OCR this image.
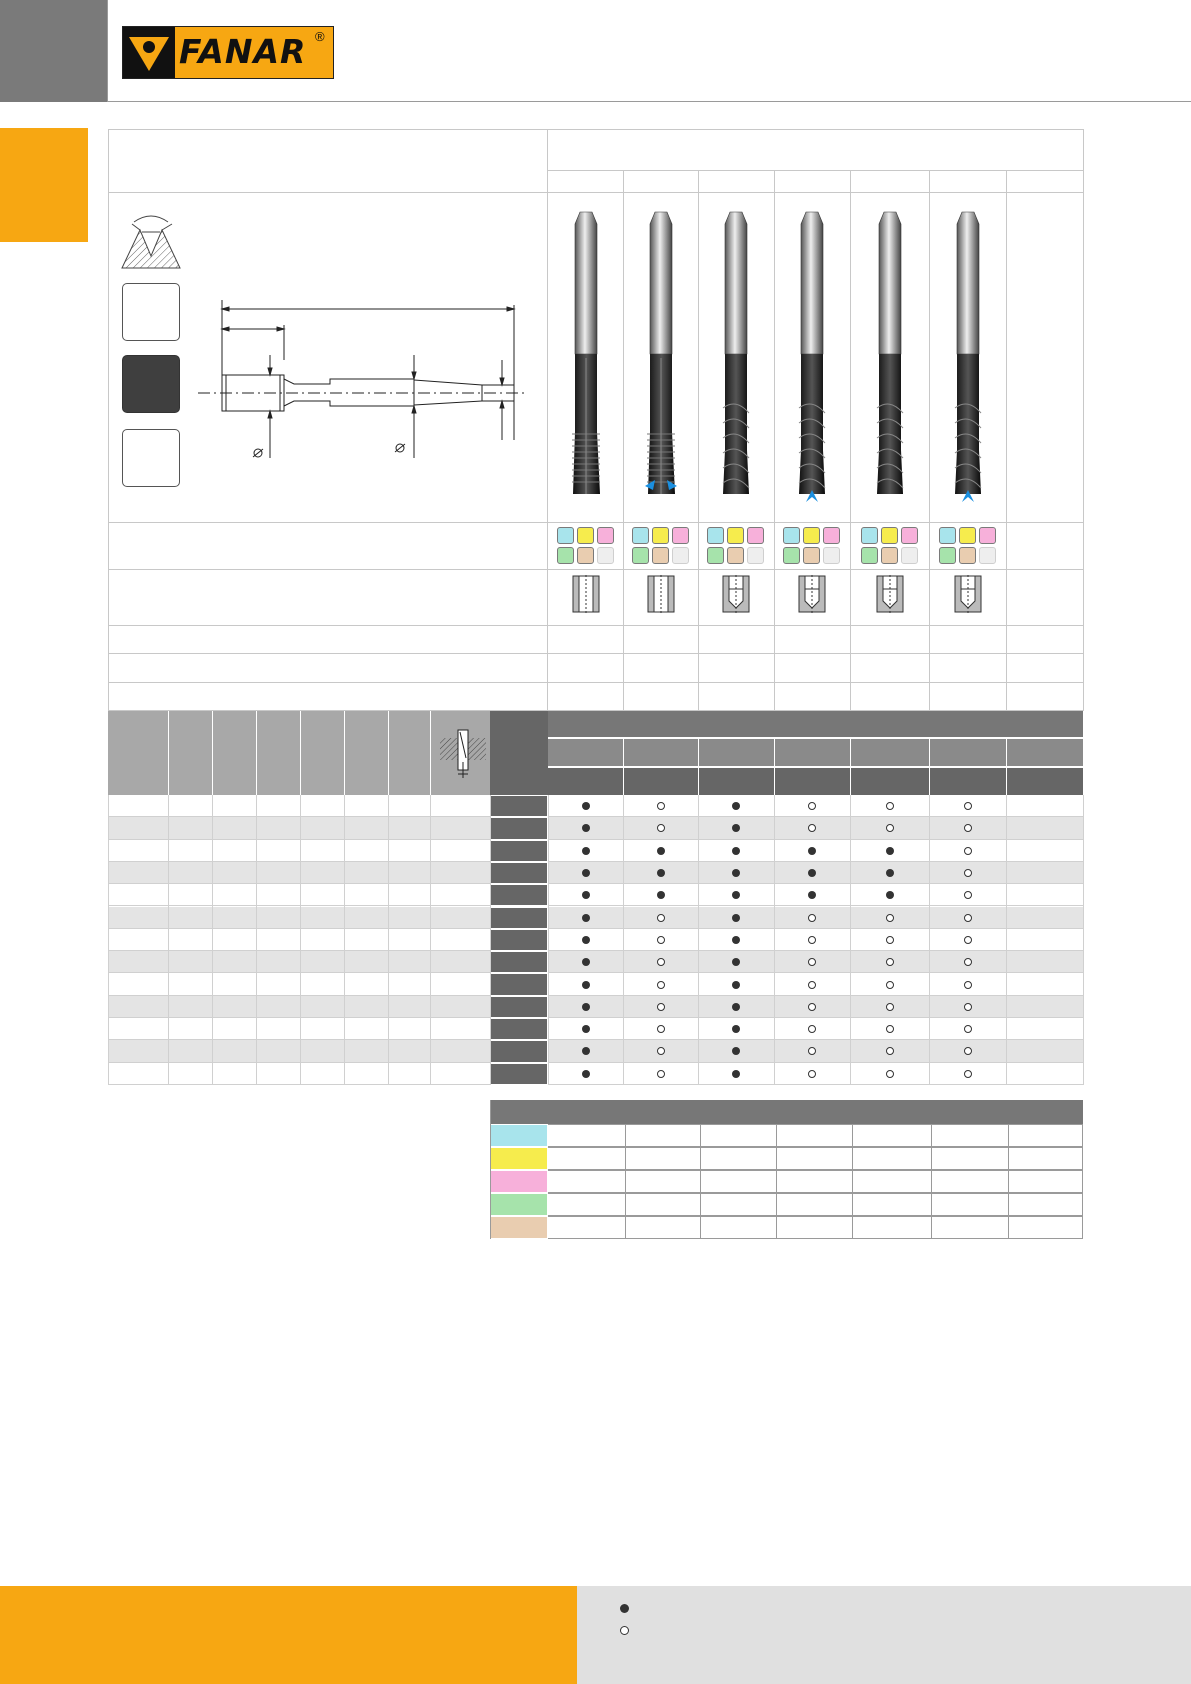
FANAR ®
